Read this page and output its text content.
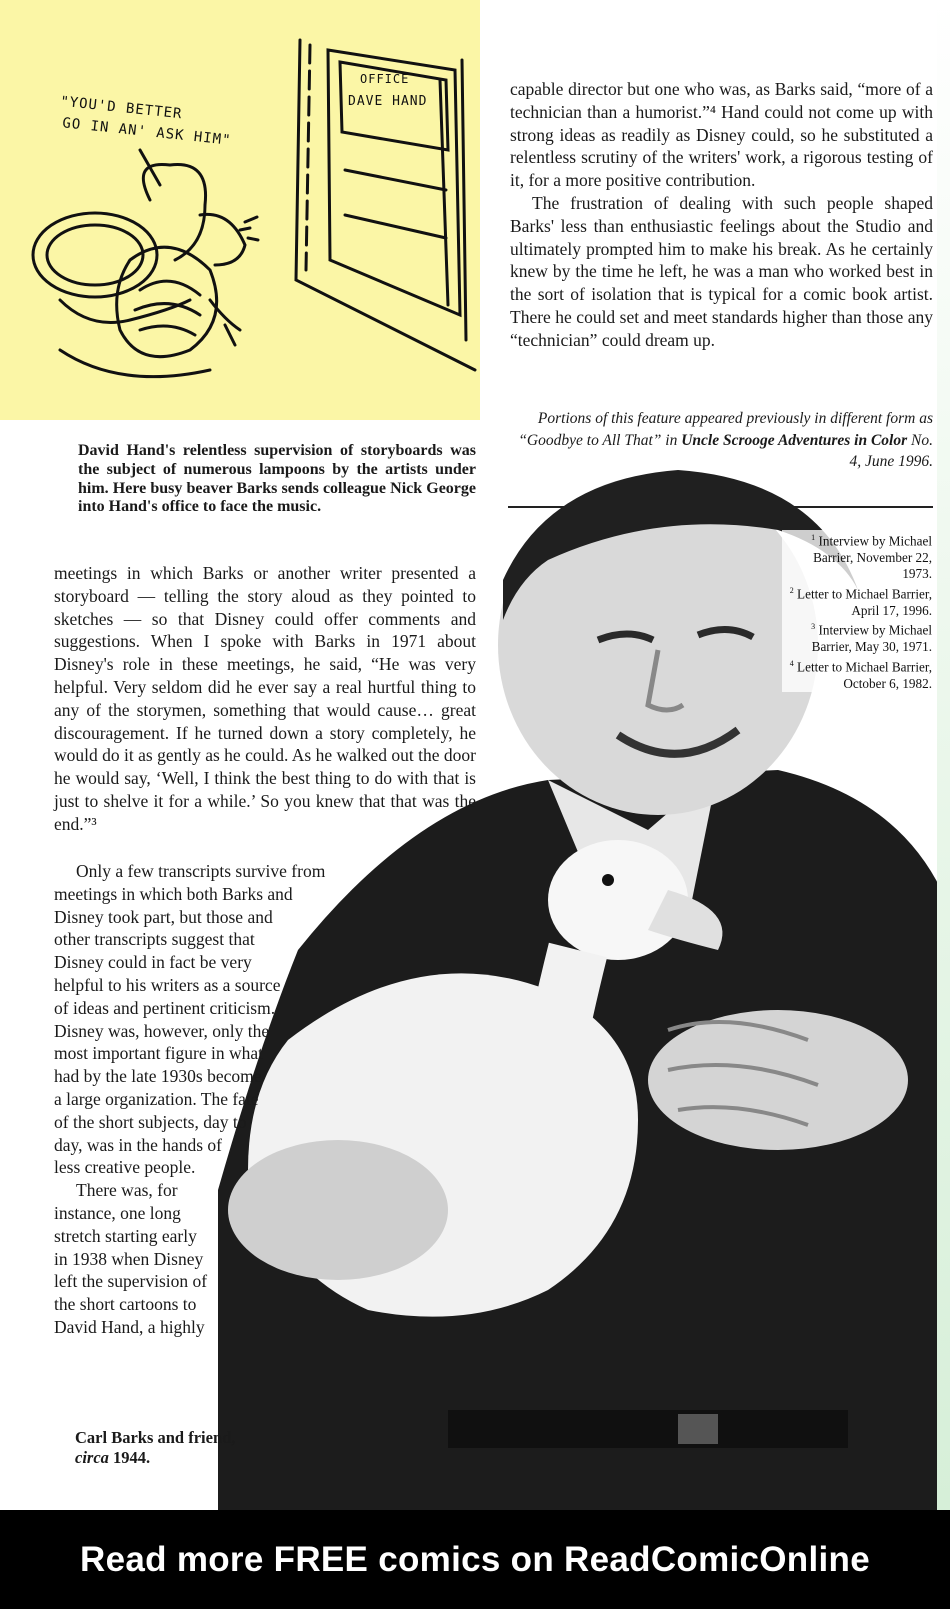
"YOU'D BETTER
GO IN AN' ASK HIM"
OFFICE
DAVE HAND
David Hand's relentless supervision of storyboards was the subject of numerous lampoons by the artists under him. Here busy beaver Barks sends colleague Nick George into Hand's office to face the music.

capable director but one who was, as Barks said, “more of a technician than a humorist.”⁴ Hand could not come up with strong ideas as readily as Disney could, so he substituted a relentless scrutiny of the writers' work, a rigorous testing of it, for a more positive contribution.

The frustration of dealing with such people shaped Barks' less than enthusiastic feelings about the Studio and ultimately prompted him to make his break. As he certainly knew by the time he left, he was a man who worked best in the sort of isolation that is typical for a comic book artist. There he could set and meet standards higher than those any “technician” could dream up.

Portions of this feature appeared previously in different form as “Goodbye to All That” in Uncle Scrooge Adventures in Color No. 4, June 1996.
$^1$ Interview by Michael Barrier, November 22, 1973.
$^2$ Letter to Michael Barrier, April 17, 1996.
$^3$ Interview by Michael Barrier, May 30, 1971.
$^4$ Letter to Michael Barrier, October 6, 1982.
meetings in which Barks or another writer presented a storyboard — telling the story aloud as they pointed to sketches — so that Disney could offer comments and suggestions. When I spoke with Barks in 1971 about Disney's role in these meetings, he said, “He was very helpful. Very seldom did he ever say a real hurtful thing to any of the storymen, something that would cause… great discouragement. If he turned down a story completely, he would do it as gently as he could. As he walked out the door he would say, ‘Well, I think the best thing to do with that is just to shelve it for a while.’ So you knew that that was the end.”³
Only a few transcripts survive from
meetings in which both Barks and
Disney took part, but those and
other transcripts suggest that
Disney could in fact be very
helpful to his writers as a source
of ideas and pertinent criticism.
Disney was, however, only the
most important figure in what
had by the late 1930s become
a large organization. The fate
of the short subjects, day to
day, was in the hands of
less creative people.
There was, for
instance, one long
stretch starting early
in 1938 when Disney
left the supervision of
the short cartoons to
David Hand, a highly
Carl Barks and friend,
circa 1944.
Read more FREE comics on ReadComicOnline
